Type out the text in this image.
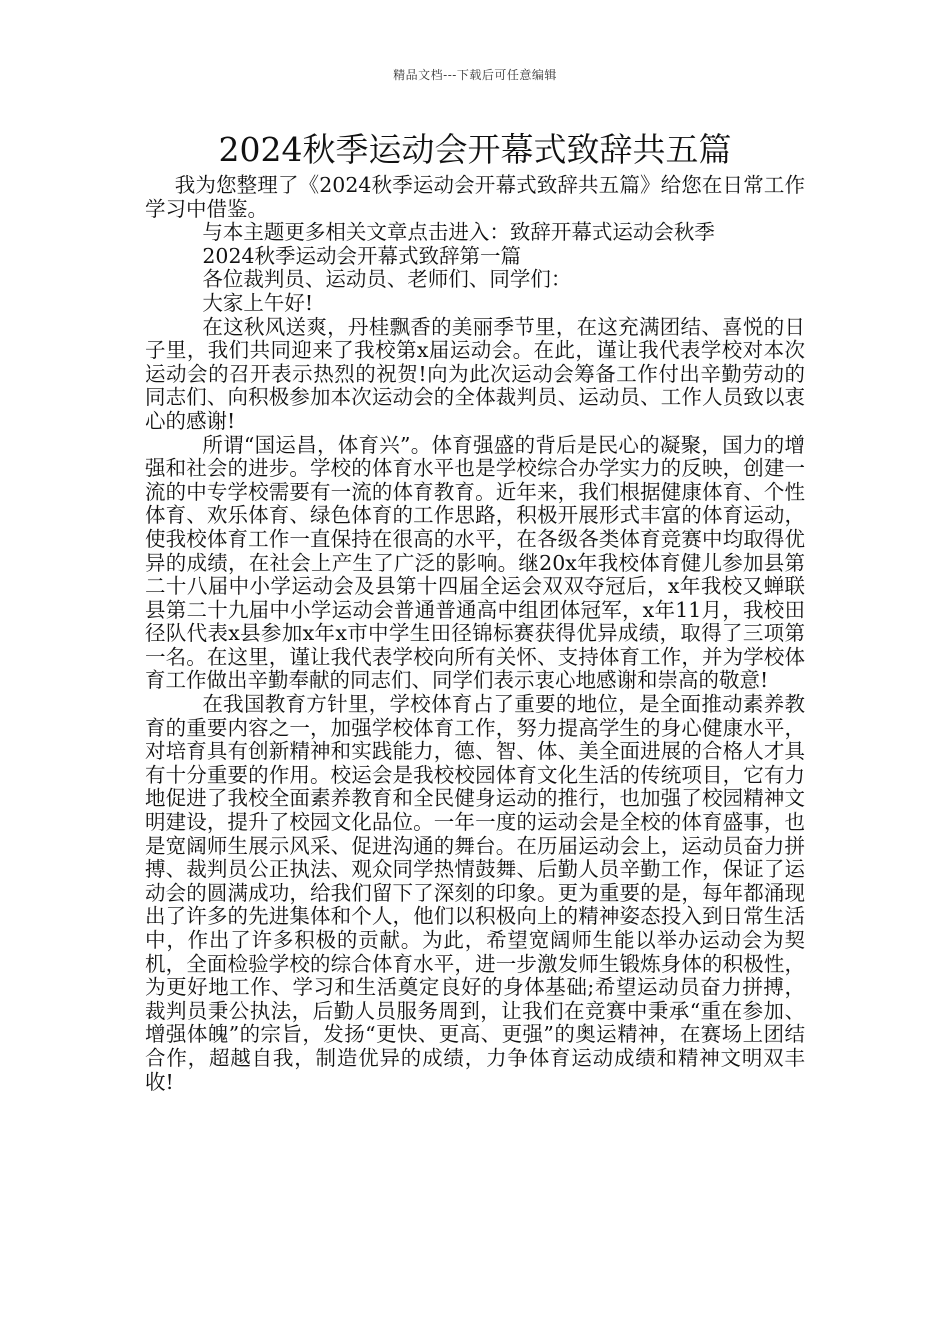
精品文档---下载后可任意编辑
2024秋季运动会开幕式致辞共五篇

我为您整理了《2024秋季运动会开幕式致辞共五篇》给您在日常工作学习中借鉴。

与本主题更多相关文章点击进入：致辞开幕式运动会秋季

2024秋季运动会开幕式致辞第一篇

各位裁判员、运动员、老师们、同学们：

大家上午好!

在这秋风送爽，丹桂飘香的美丽季节里，在这充满团结、喜悦的日子里，我们共同迎来了我校第x届运动会。在此，谨让我代表学校对本次运动会的召开表示热烈的祝贺!向为此次运动会筹备工作付出辛勤劳动的同志们、向积极参加本次运动会的全体裁判员、运动员、工作人员致以衷心的感谢!

所谓“国运昌，体育兴”。体育强盛的背后是民心的凝聚，国力的增强和社会的进步。学校的体育水平也是学校综合办学实力的反映，创建一流的中专学校需要有一流的体育教育。近年来，我们根据健康体育、个性体育、欢乐体育、绿色体育的工作思路，积极开展形式丰富的体育运动，使我校体育工作一直保持在很高的水平，在各级各类体育竞赛中均取得优异的成绩，在社会上产生了广泛的影响。继20x年我校体育健儿参加县第二十八届中小学运动会及县第十四届全运会双双夺冠后，x年我校又蝉联县第二十九届中小学运动会普通普通高中组团体冠军，x年11月，我校田径队代表x县参加x年x市中学生田径锦标赛获得优异成绩，取得了三项第一名。在这里，谨让我代表学校向所有关怀、支持体育工作，并为学校体育工作做出辛勤奉献的同志们、同学们表示衷心地感谢和崇高的敬意!

在我国教育方针里，学校体育占了重要的地位，是全面推动素养教育的重要内容之一，加强学校体育工作，努力提高学生的身心健康水平，对培育具有创新精神和实践能力，德、智、体、美全面进展的合格人才具有十分重要的作用。校运会是我校校园体育文化生活的传统项目，它有力地促进了我校全面素养教育和全民健身运动的推行，也加强了校园精神文明建设，提升了校园文化品位。一年一度的运动会是全校的体育盛事，也是宽阔师生展示风采、促进沟通的舞台。在历届运动会上，运动员奋力拼搏、裁判员公正执法、观众同学热情鼓舞、后勤人员辛勤工作，保证了运动会的圆满成功，给我们留下了深刻的印象。更为重要的是，每年都涌现出了许多的先进集体和个人，他们以积极向上的精神姿态投入到日常生活中，作出了许多积极的贡献。为此，希望宽阔师生能以举办运动会为契机，全面检验学校的综合体育水平，进一步激发师生锻炼身体的积极性，为更好地工作、学习和生活奠定良好的身体基础;希望运动员奋力拼搏，裁判员秉公执法，后勤人员服务周到，让我们在竞赛中秉承“重在参加、增强体魄”的宗旨，发扬“更快、更高、更强”的奥运精神，在赛场上团结合作，超越自我，制造优异的成绩，力争体育运动成绩和精神文明双丰收!
